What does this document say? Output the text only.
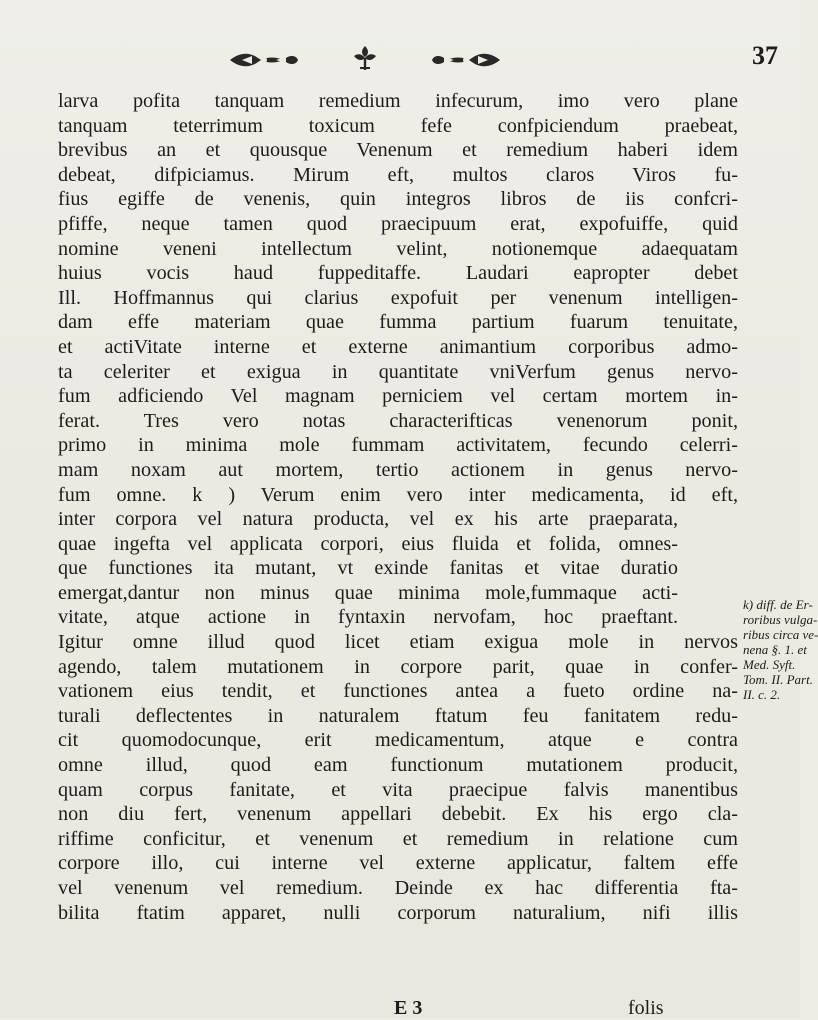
37
larva pofita tanquam remedium infecurum, imo vero plane
tanquam teterrimum toxicum fefe confpiciendum praebeat,
brevibus an et quousque Venenum et remedium haberi idem
debeat, difpiciamus. Mirum eft, multos claros Viros fu-
fius egiffe de venenis, quin integros libros de iis confcri-
pfiffe, neque tamen quod praecipuum erat, expofuiffe, quid
nomine veneni intellectum velint, notionemque adaequatam
huius vocis haud fuppeditaffe. Laudari eapropter debet
Ill. Hoffmannus qui clarius expofuit per venenum intelligen-
dam effe materiam quae fumma partium fuarum tenuitate,
et actiVitate interne et externe animantium corporibus admo-
ta celeriter et exigua in quantitate vniVerfum genus nervo-
fum adficiendo Vel magnam perniciem vel certam mortem in-
ferat. Tres vero notas characterifticas venenorum ponit,
primo in minima mole fummam activitatem, fecundo celerri-
mam noxam aut mortem, tertio actionem in genus nervo-
fum omne. k ) Verum enim vero inter medicamenta, id eft,
inter corpora vel natura producta, vel ex his arte praeparata,
quae ingefta vel applicata corpori, eius fluida et folida, omnes-
que functiones ita mutant, vt exinde fanitas et vitae duratio
emergat,dantur non minus quae minima mole,fummaque acti-
vitate, atque actione in fyntaxin nervofam, hoc praeftant.
Igitur omne illud quod licet etiam exigua mole in nervos
agendo, talem mutationem in corpore parit, quae in confer-
vationem eius tendit, et functiones antea a fueto ordine na-
turali deflectentes in naturalem ftatum feu fanitatem redu-
cit quomodocunque, erit medicamentum, atque e contra
omne illud, quod eam functionum mutationem producit,
quam corpus fanitate, et vita praecipue falvis manentibus
non diu fert, venenum appellari debebit. Ex his ergo cla-
riffime conficitur, et venenum et remedium in relatione cum
corpore illo, cui interne vel externe applicatur, faltem effe
vel venenum vel remedium. Deinde ex hac differentia fta-
bilita ftatim apparet, nulli corporum naturalium, nifi illis
k) diff. de Er-
roribus vulga-
ribus circa ve-
nena §. 1. et
Med. Syft.
Tom. II. Part.
II. c. 2.
E 3	folis
